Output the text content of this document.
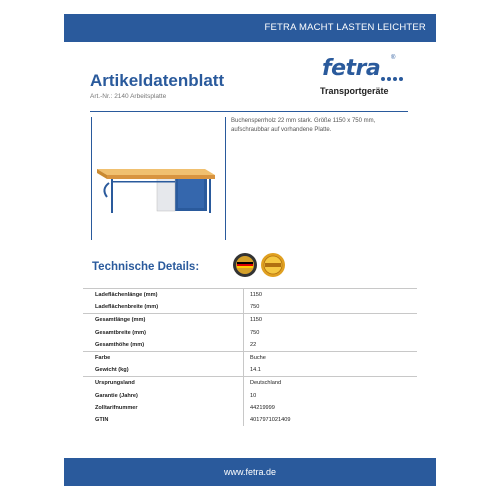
FETRA MACHT LASTEN LEICHTER
Artikeldatenblatt
Art.-Nr.: 2140 Arbeitsplatte
fetra ®
Transportgeräte
Buchensperrholz 22 mm stark. Größe 1150 x 750 mm, aufschraubbar auf vorhandene Platte.
Technische Details:
Ladeflächenlänge (mm)	1150
Ladeflächenbreite (mm)	750
Gesamtlänge (mm)	1150
Gesamtbreite (mm)	750
Gesamthöhe (mm)	22
Farbe	Buche
Gewicht (kg)	14.1
Ursprungsland	Deutschland
Garantie (Jahre)	10
Zolltarifnummer	44219999
GTIN	4017971021409
www.fetra.de
